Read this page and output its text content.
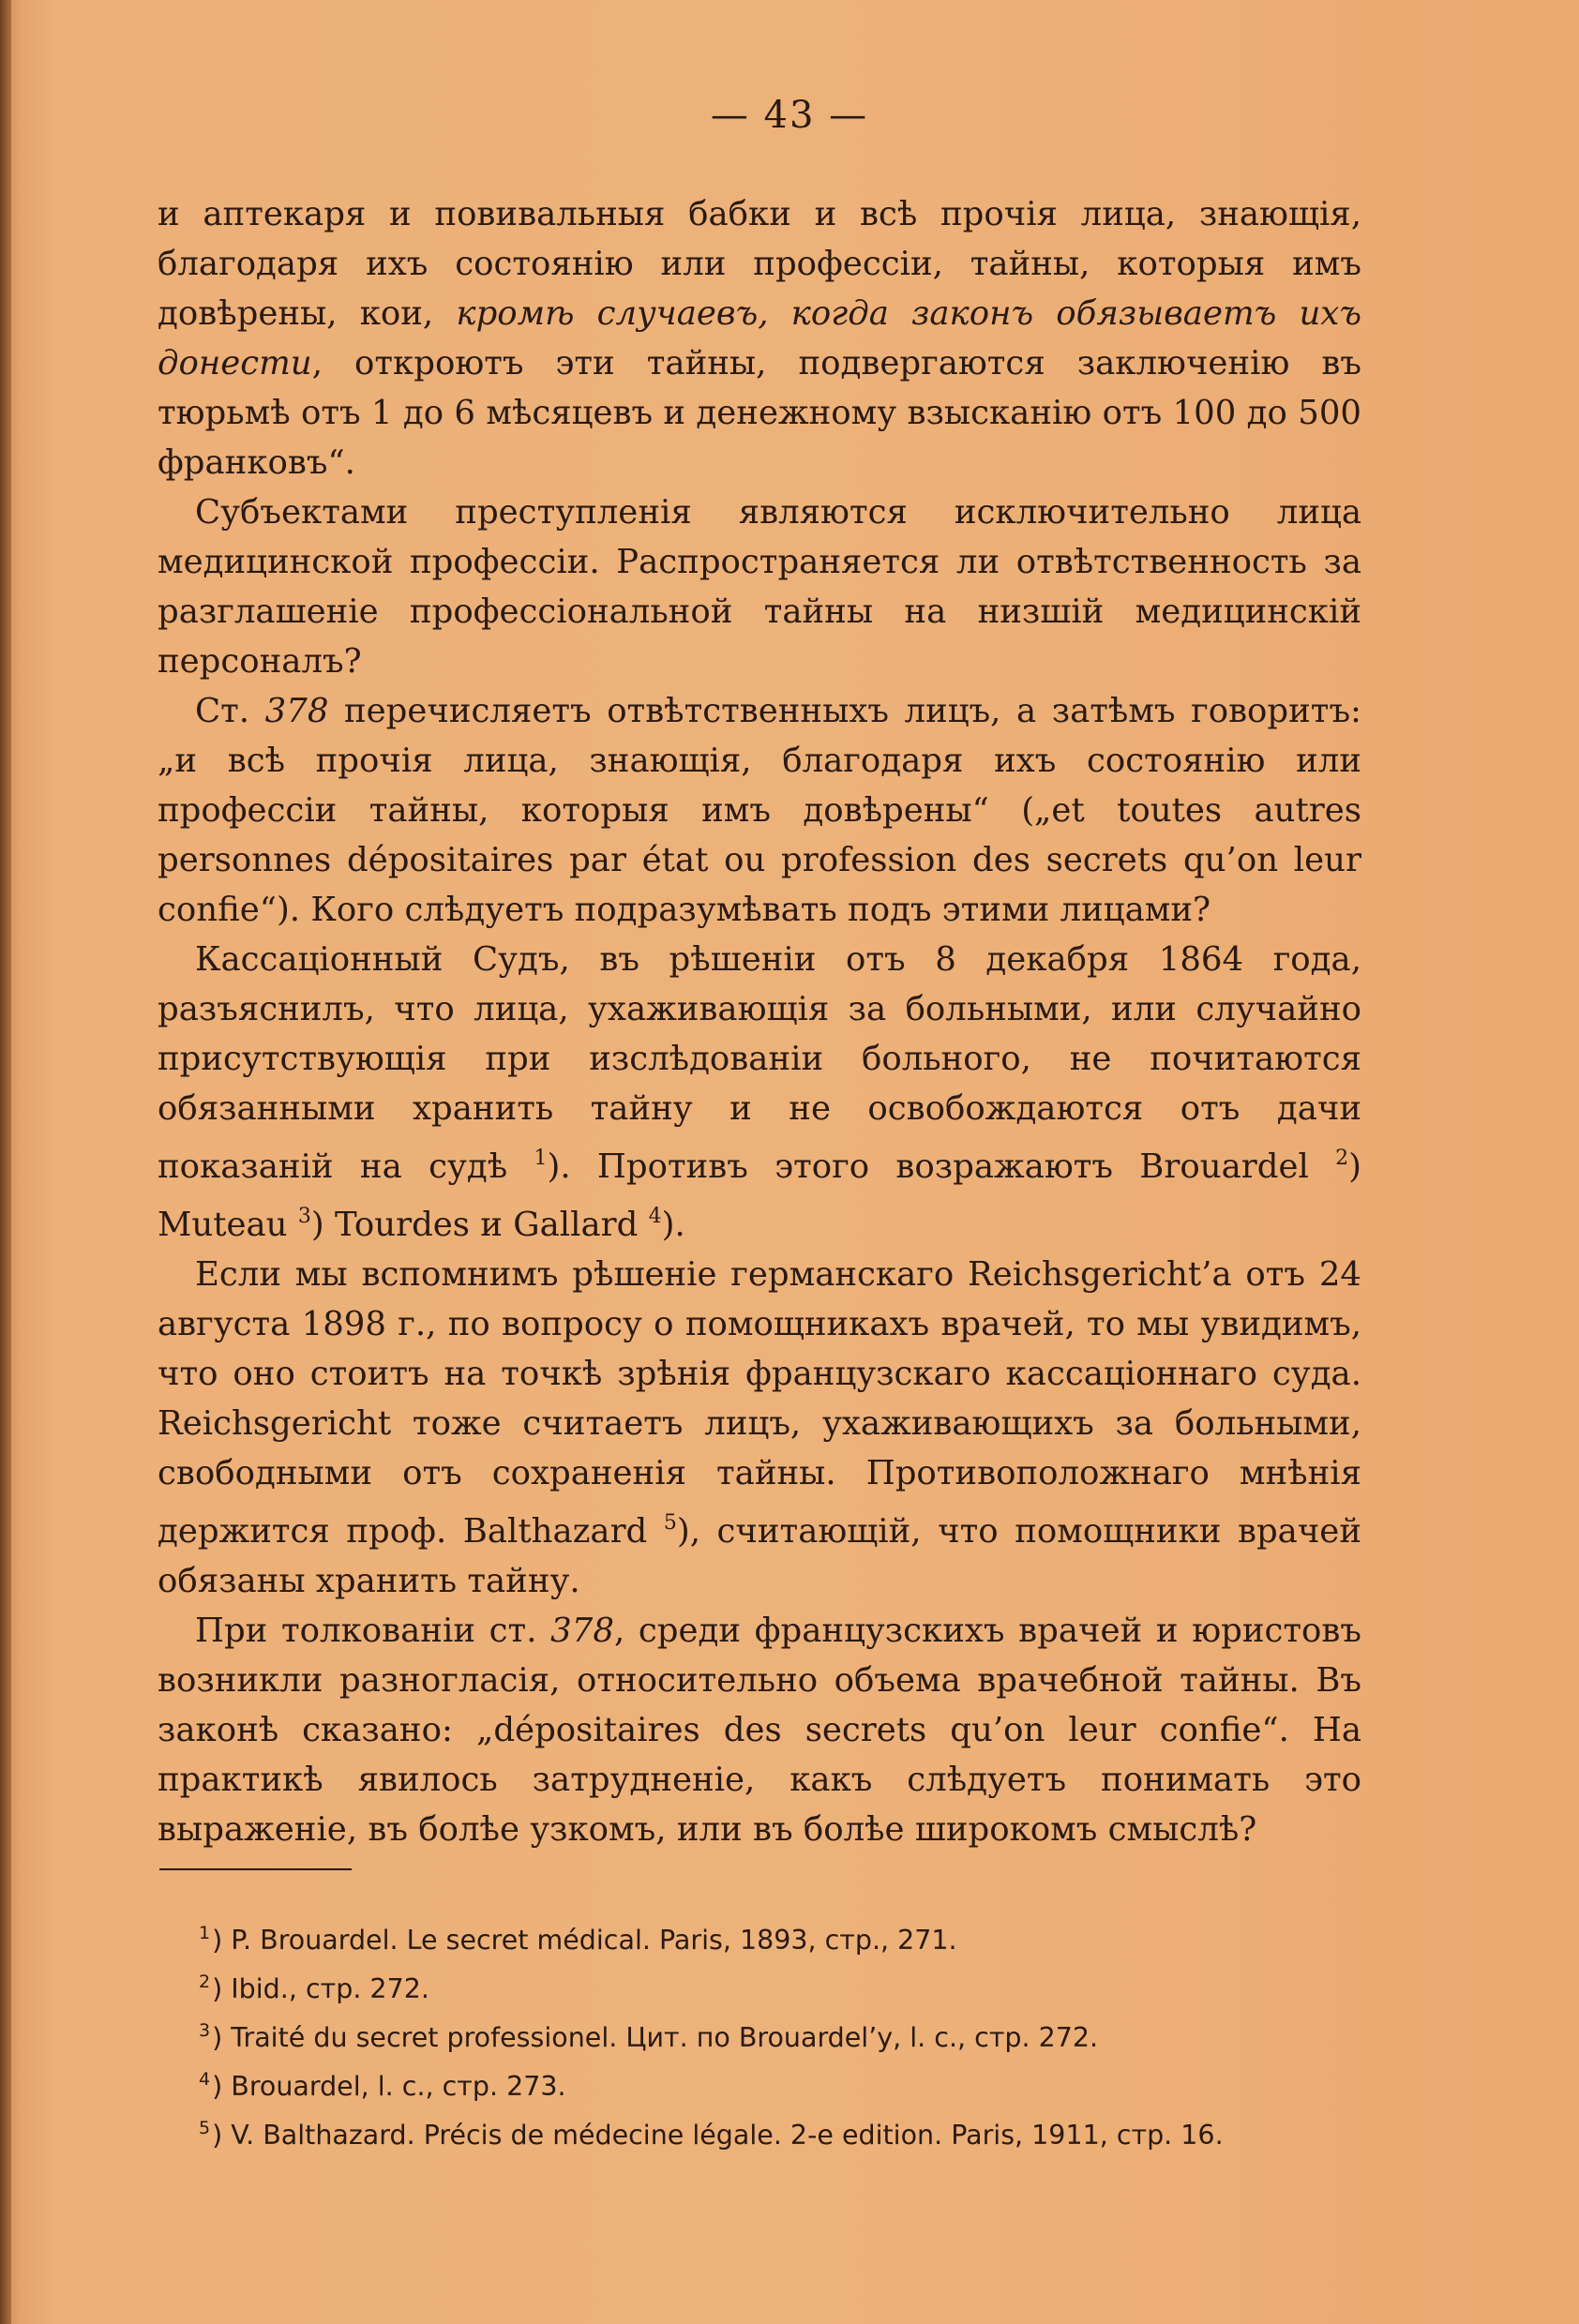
— 43 —

и аптекаря и повивальныя бабки и всѣ прочія лица, знающія, благодаря ихъ состоянію или профессіи, тайны, которыя имъ довѣрены, кои, кромѣ случаевъ, когда законъ обязываетъ ихъ донести, откроютъ эти тайны, подвергаются заключенію въ тюрьмѣ отъ 1 до 6 мѣсяцевъ и денежному взысканію отъ 100 до 500 франковъ“.

Субъектами преступленія являются исключительно лица медицинской профессіи. Распространяется ли отвѣтственность за разглашеніе профессіональной тайны на низшій медицинскій персоналъ?

Ст. 378 перечисляетъ отвѣтственныхъ лицъ, а затѣмъ говоритъ: „и всѣ прочія лица, знающія, благодаря ихъ состоянію или профессіи тайны, которыя имъ довѣрены“ („et toutes autres personnes dépositaires par état ou profession des secrets qu’on leur confie“). Кого слѣдуетъ подразумѣвать подъ этими лицами?

Кассаціонный Судъ, въ рѣшеніи отъ 8 декабря 1864 года, разъяснилъ, что лица, ухаживающія за больными, или случайно присутствующія при изслѣдованіи больного, не почитаются обязанными хранить тайну и не освобождаются отъ дачи показаній на судѣ $^1$). Противъ этого возражаютъ Brouardel $^2$) Muteau $^3$) Tourdes и Gallard $^4$).

Если мы вспомнимъ рѣшеніе германскаго Reichsgericht’а отъ 24 августа 1898 г., по вопросу о помощникахъ врачей, то мы увидимъ, что оно стоитъ на точкѣ зрѣнія французскаго кассаціоннаго суда. Reichsgericht тоже считаетъ лицъ, ухаживающихъ за больными, свободными отъ сохраненія тайны. Противоположнаго мнѣнія держится проф. Balthazard $^5$), считающій, что помощники врачей обязаны хранить тайну.

При толкованіи ст. 378, среди французскихъ врачей и юристовъ возникли разногласія, относительно объема врачебной тайны. Въ законѣ сказано: „dépositaires des secrets qu’on leur confie“. На практикѣ явилось затрудненіе, какъ слѣдуетъ понимать это выраженіе, въ болѣе узкомъ, или въ болѣе широкомъ смыслѣ?

$^1$) P. Brouardel. Le secret médical. Paris, 1893, стр., 271.
$^2$) Ibid., стр. 272.
$^3$) Traité du secret professionel. Цит. по Brouardel’у, l. c., стр. 272.
$^4$) Brouardel, l. c., стр. 273.
$^5$) V. Balthazard. Précis de médecine légale. 2-e edition. Paris, 1911, стр. 16.
